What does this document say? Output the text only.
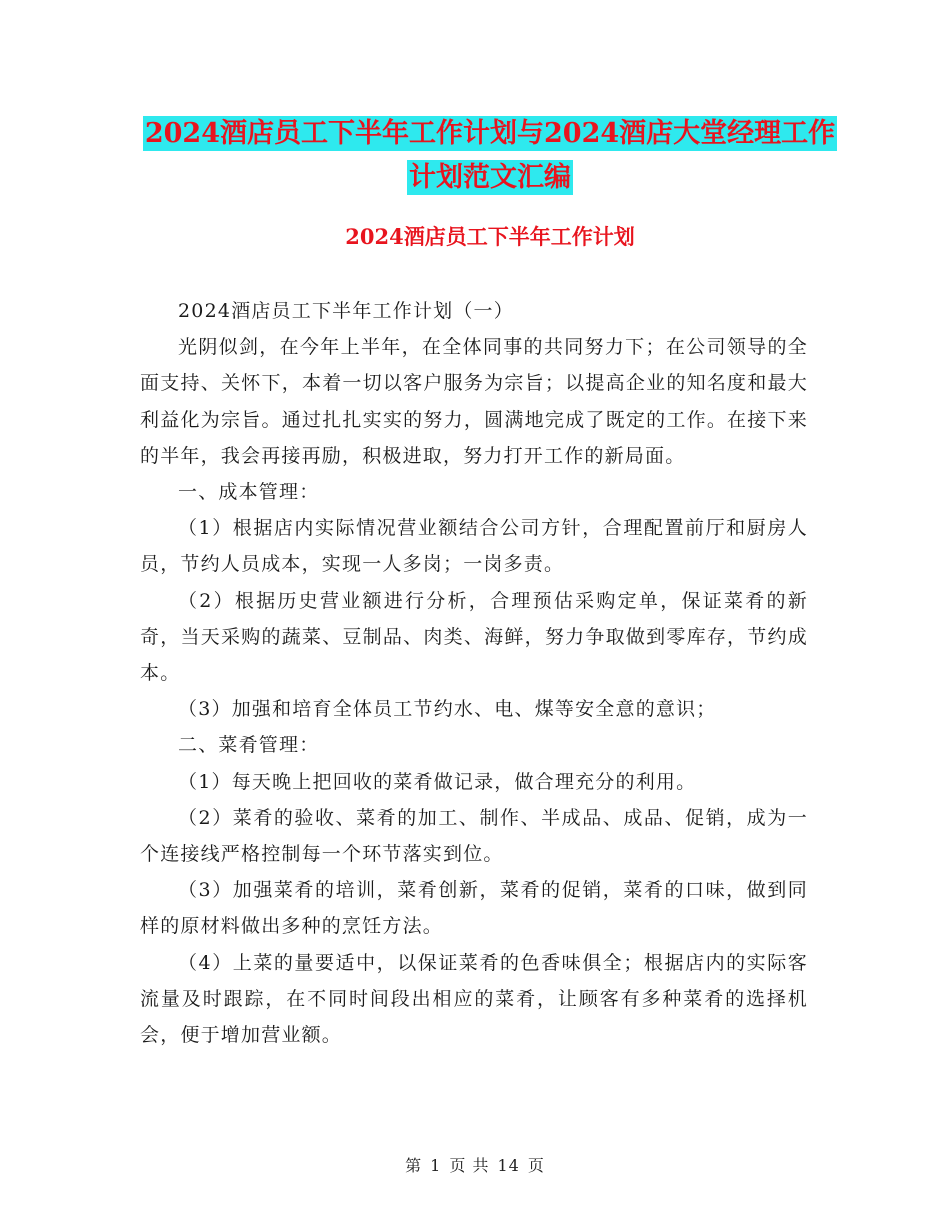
2024酒店员工下半年工作计划与2024酒店大堂经理工作计划范文汇编
2024酒店员工下半年工作计划

2024酒店员工下半年工作计划（一）

光阴似剑，在今年上半年，在全体同事的共同努力下；在公司领导的全面支持、关怀下，本着一切以客户服务为宗旨；以提高企业的知名度和最大利益化为宗旨。通过扎扎实实的努力，圆满地完成了既定的工作。在接下来的半年，我会再接再励，积极进取，努力打开工作的新局面。

一、成本管理：

（1）根据店内实际情况营业额结合公司方针，合理配置前厅和厨房人员，节约人员成本，实现一人多岗；一岗多责。

（2）根据历史营业额进行分析，合理预估采购定单，保证菜肴的新奇，当天采购的蔬菜、豆制品、肉类、海鲜，努力争取做到零库存，节约成本。

（3）加强和培育全体员工节约水、电、煤等安全意的意识；

二、菜肴管理：

（1）每天晚上把回收的菜肴做记录，做合理充分的利用。

（2）菜肴的验收、菜肴的加工、制作、半成品、成品、促销，成为一个连接线严格控制每一个环节落实到位。

（3）加强菜肴的培训，菜肴创新，菜肴的促销，菜肴的口味，做到同样的原材料做出多种的烹饪方法。

（4）上菜的量要适中，以保证菜肴的色香味俱全；根据店内的实际客流量及时跟踪，在不同时间段出相应的菜肴，让顾客有多种菜肴的选择机会，便于增加营业额。

第 1 页 共 14 页
